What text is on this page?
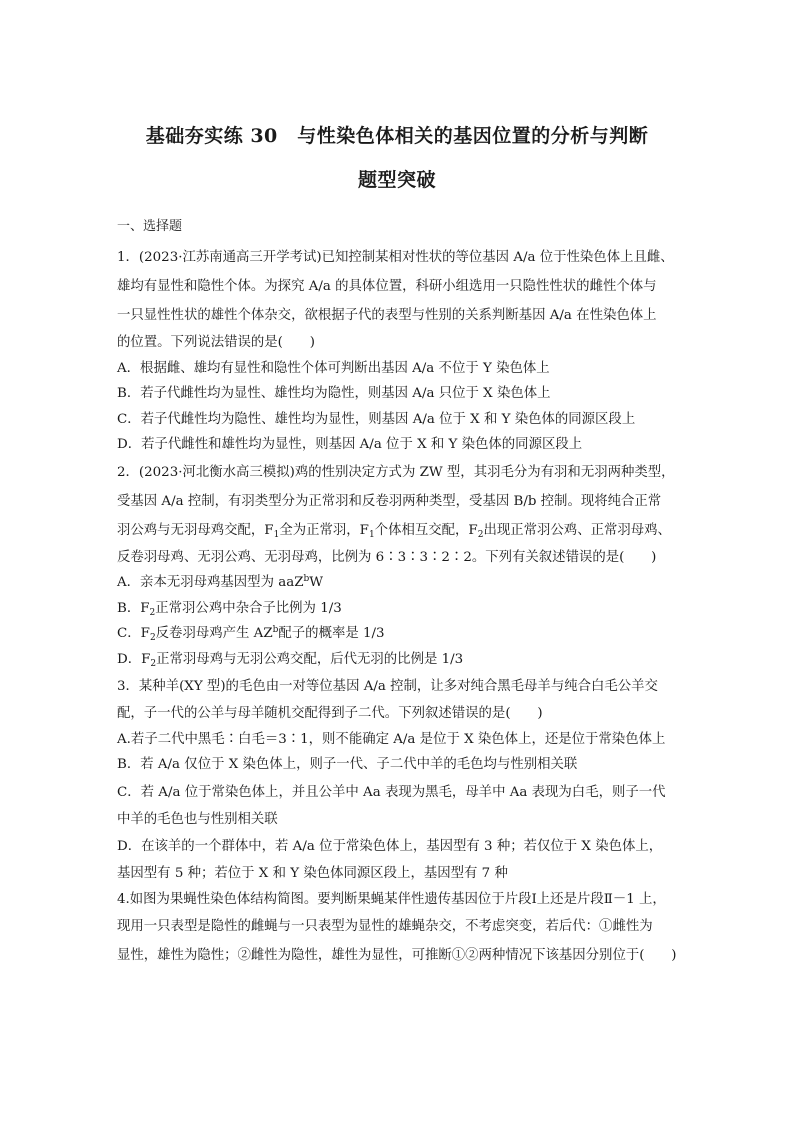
基础夯实练 30　与性染色体相关的基因位置的分析与判断
题型突破
一、选择题

1．(2023·江苏南通高三开学考试)已知控制某相对性状的等位基因 A/a 位于性染色体上且雌、

雄均有显性和隐性个体。为探究 A/a 的具体位置，科研小组选用一只隐性性状的雌性个体与

一只显性性状的雄性个体杂交，欲根据子代的表型与性别的关系判断基因 A/a 在性染色体上

的位置。下列说法错误的是(　　)

A．根据雌、雄均有显性和隐性个体可判断出基因 A/a 不位于 Y 染色体上

B．若子代雌性均为显性、雄性均为隐性，则基因 A/a 只位于 X 染色体上

C．若子代雌性均为隐性、雄性均为显性，则基因 A/a 位于 X 和 Y 染色体的同源区段上

D．若子代雌性和雄性均为显性，则基因 A/a 位于 X 和 Y 染色体的同源区段上

2．(2023·河北衡水高三模拟)鸡的性别决定方式为 ZW 型，其羽毛分为有羽和无羽两种类型，

受基因 A/a 控制，有羽类型分为正常羽和反卷羽两种类型，受基因 B/b 控制。现将纯合正常

羽公鸡与无羽母鸡交配，$F_1$全为正常羽，$F_1$个体相互交配，$F_2$出现正常羽公鸡、正常羽母鸡、

反卷羽母鸡、无羽公鸡、无羽母鸡，比例为 6∶3∶3∶2∶2。下列有关叙述错误的是(　　)

A．亲本无羽母鸡基因型为 aaZ$^b$W

B．$F_2$正常羽公鸡中杂合子比例为 1/3

C．$F_2$反卷羽母鸡产生 $AZ^b$配子的概率是 1/3

D．$F_2$正常羽母鸡与无羽公鸡交配，后代无羽的比例是 1/3

3．某种羊(XY 型)的毛色由一对等位基因 A/a 控制，让多对纯合黑毛母羊与纯合白毛公羊交

配，子一代的公羊与母羊随机交配得到子二代。下列叙述错误的是(　　)

A.若子二代中黑毛∶白毛＝3∶1，则不能确定 A/a 是位于 X 染色体上，还是位于常染色体上

B．若 A/a 仅位于 X 染色体上，则子一代、子二代中羊的毛色均与性别相关联

C．若 A/a 位于常染色体上，并且公羊中 Aa 表现为黑毛，母羊中 Aa 表现为白毛，则子一代

中羊的毛色也与性别相关联

D．在该羊的一个群体中，若 A/a 位于常染色体上，基因型有 3 种；若仅位于 X 染色体上，

基因型有 5 种；若位于 X 和 Y 染色体同源区段上，基因型有 7 种

4.如图为果蝇性染色体结构简图。要判断果蝇某伴性遗传基因位于片段Ⅰ上还是片段Ⅱ－1 上，

现用一只表型是隐性的雌蝇与一只表型为显性的雄蝇杂交，不考虑突变，若后代：①雌性为

显性，雄性为隐性；②雌性为隐性，雄性为显性，可推断①②两种情况下该基因分别位于(　　)
